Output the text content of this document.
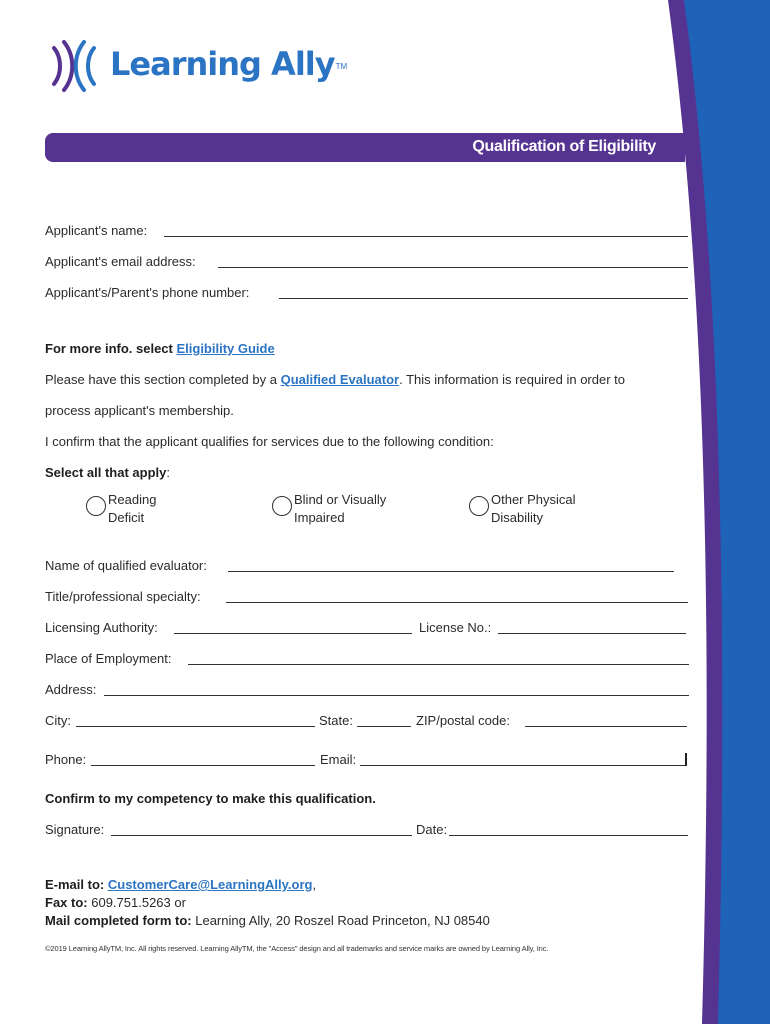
Learning Ally TM
Qualification of Eligibility
Applicant's name:
Applicant's email address:
Applicant's/Parent's phone number:
For more info. select Eligibility Guide
Please have this section completed by a Qualified Evaluator. This information is required in order to
process applicant's membership.
I confirm that the applicant qualifies for services due to the following condition:
Select all that apply:
Reading
Deficit
Blind or Visually
Impaired
Other Physical
Disability
Name of qualified evaluator:
Title/professional specialty:
Licensing Authority:	License No.:
Place of Employment:
Address:
City:	State:	ZIP/postal code:
Phone:	Email:
Confirm to my competency to make this qualification.
Signature:	Date:
E-mail to: CustomerCare@LearningAlly.org,
Fax to: 609.751.5263 or
Mail completed form to: Learning Ally, 20 Roszel Road Princeton, NJ 08540
©2019 Learning AllyTM, Inc. All rights reserved. Learning AllyTM, the "Access" design and all trademarks and service marks are owned by Learning Ally, Inc.
